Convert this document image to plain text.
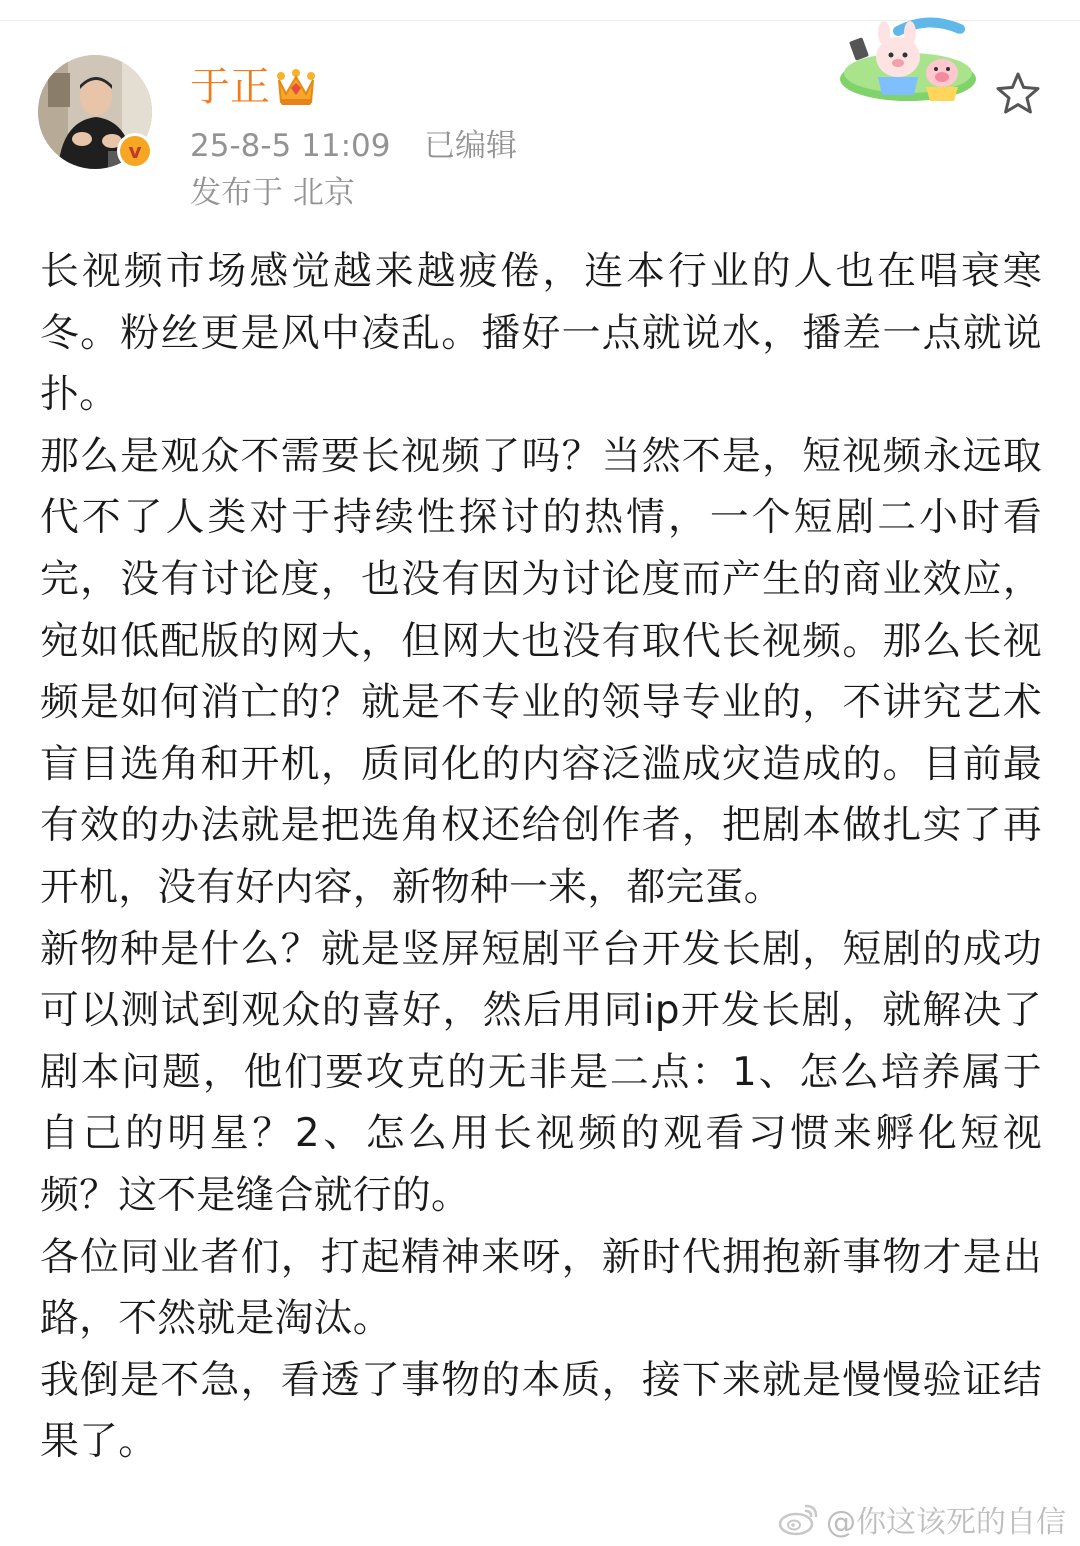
v
于正
25-8-5 11:09 已编辑
发布于 北京
YEAH!

长视频市场感觉越来越疲倦，连本行业的人也在唱衰寒冬。粉丝更是风中凌乱。播好一点就说水，播差一点就说扑。

那么是观众不需要长视频了吗？当然不是，短视频永远取代不了人类对于持续性探讨的热情，一个短剧二小时看完，没有讨论度，也没有因为讨论度而产生的商业效应，宛如低配版的网大，但网大也没有取代长视频。那么长视频是如何消亡的？就是不专业的领导专业的，不讲究艺术盲目选角和开机，质同化的内容泛滥成灾造成的。目前最有效的办法就是把选角权还给创作者，把剧本做扎实了再开机，没有好内容，新物种一来，都完蛋。

新物种是什么？就是竖屏短剧平台开发长剧，短剧的成功可以测试到观众的喜好，然后用同ip开发长剧，就解决了剧本问题，他们要攻克的无非是二点：1、怎么培养属于自己的明星？2、怎么用长视频的观看习惯来孵化短视频？这不是缝合就行的。

各位同业者们，打起精神来呀，新时代拥抱新事物才是出路，不然就是淘汰。

我倒是不急，看透了事物的本质，接下来就是慢慢验证结果了。

@你这该死的自信
